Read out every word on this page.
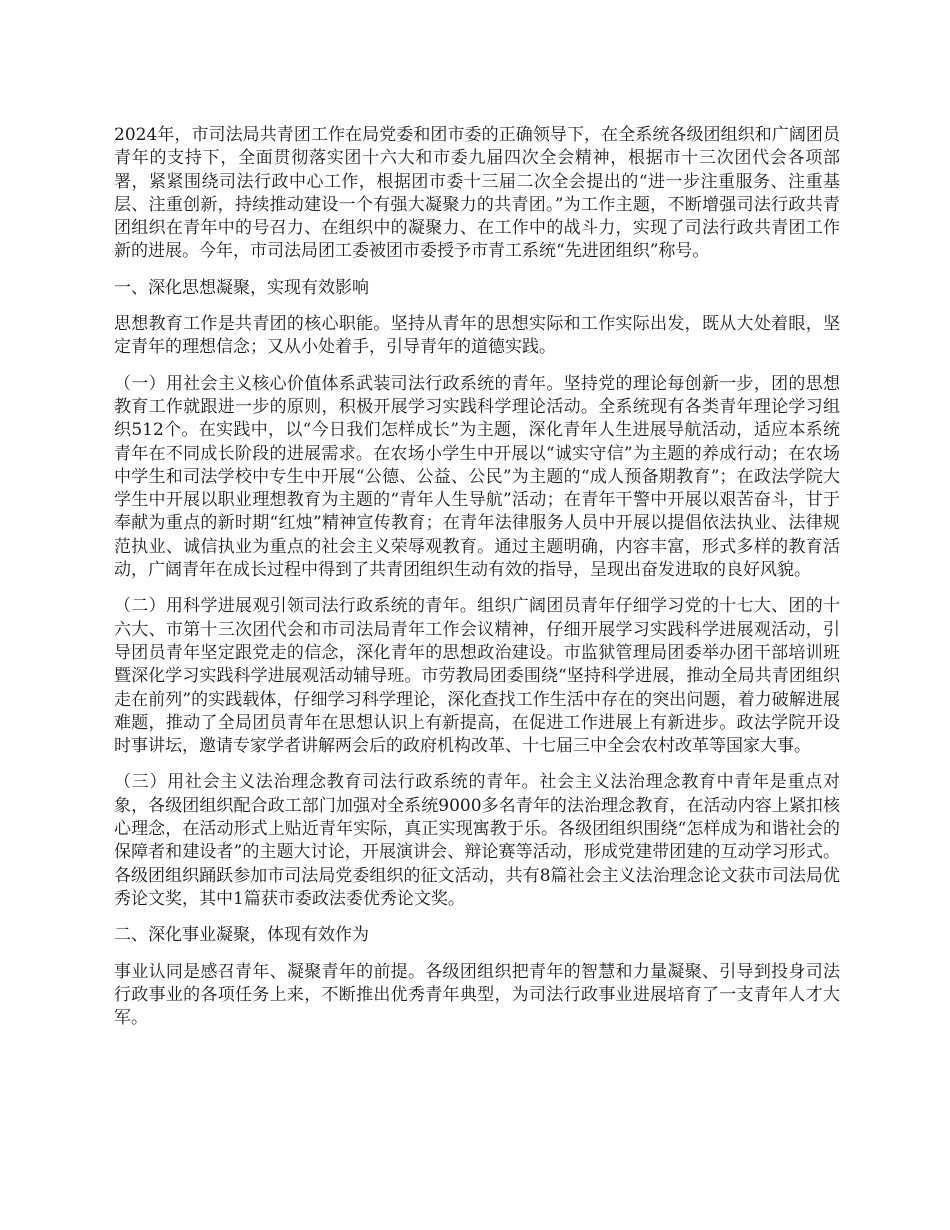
2024年，市司法局共青团工作在局党委和团市委的正确领导下，在全系统各级团组织和广阔团员青年的支持下，全面贯彻落实团十六大和市委九届四次全会精神，根据市十三次团代会各项部署，紧紧围绕司法行政中心工作，根据团市委十三届二次全会提出的“进一步注重服务、注重基层、注重创新，持续推动建设一个有强大凝聚力的共青团。”为工作主题，不断增强司法行政共青团组织在青年中的号召力、在组织中的凝聚力、在工作中的战斗力，实现了司法行政共青团工作新的进展。今年，市司法局团工委被团市委授予市青工系统“先进团组织”称号。

一、深化思想凝聚，实现有效影响

思想教育工作是共青团的核心职能。坚持从青年的思想实际和工作实际出发，既从大处着眼，坚定青年的理想信念；又从小处着手，引导青年的道德实践。

（一）用社会主义核心价值体系武装司法行政系统的青年。坚持党的理论每创新一步，团的思想教育工作就跟进一步的原则，积极开展学习实践科学理论活动。全系统现有各类青年理论学习组织512个。在实践中，以“今日我们怎样成长”为主题，深化青年人生进展导航活动，适应本系统青年在不同成长阶段的进展需求。在农场小学生中开展以“诚实守信”为主题的养成行动；在农场中学生和司法学校中专生中开展“公德、公益、公民”为主题的“成人预备期教育”；在政法学院大学生中开展以职业理想教育为主题的“青年人生导航”活动；在青年干警中开展以艰苦奋斗，甘于奉献为重点的新时期“红烛”精神宣传教育；在青年法律服务人员中开展以提倡依法执业、法律规范执业、诚信执业为重点的社会主义荣辱观教育。通过主题明确，内容丰富，形式多样的教育活动，广阔青年在成长过程中得到了共青团组织生动有效的指导，呈现出奋发进取的良好风貌。

（二）用科学进展观引领司法行政系统的青年。组织广阔团员青年仔细学习党的十七大、团的十六大、市第十三次团代会和市司法局青年工作会议精神，仔细开展学习实践科学进展观活动，引导团员青年坚定跟党走的信念，深化青年的思想政治建设。市监狱管理局团委举办团干部培训班暨深化学习实践科学进展观活动辅导班。市劳教局团委围绕“坚持科学进展，推动全局共青团组织走在前列”的实践载体，仔细学习科学理论，深化查找工作生活中存在的突出问题，着力破解进展难题，推动了全局团员青年在思想认识上有新提高，在促进工作进展上有新进步。政法学院开设时事讲坛，邀请专家学者讲解两会后的政府机构改革、十七届三中全会农村改革等国家大事。

（三）用社会主义法治理念教育司法行政系统的青年。社会主义法治理念教育中青年是重点对象，各级团组织配合政工部门加强对全系统9000多名青年的法治理念教育，在活动内容上紧扣核心理念，在活动形式上贴近青年实际，真正实现寓教于乐。各级团组织围绕“怎样成为和谐社会的保障者和建设者”的主题大讨论，开展演讲会、辩论赛等活动，形成党建带团建的互动学习形式。各级团组织踊跃参加市司法局党委组织的征文活动，共有8篇社会主义法治理念论文获市司法局优秀论文奖，其中1篇获市委政法委优秀论文奖。

二、深化事业凝聚，体现有效作为

事业认同是感召青年、凝聚青年的前提。各级团组织把青年的智慧和力量凝聚、引导到投身司法行政事业的各项任务上来，不断推出优秀青年典型，为司法行政事业进展培育了一支青年人才大军。
